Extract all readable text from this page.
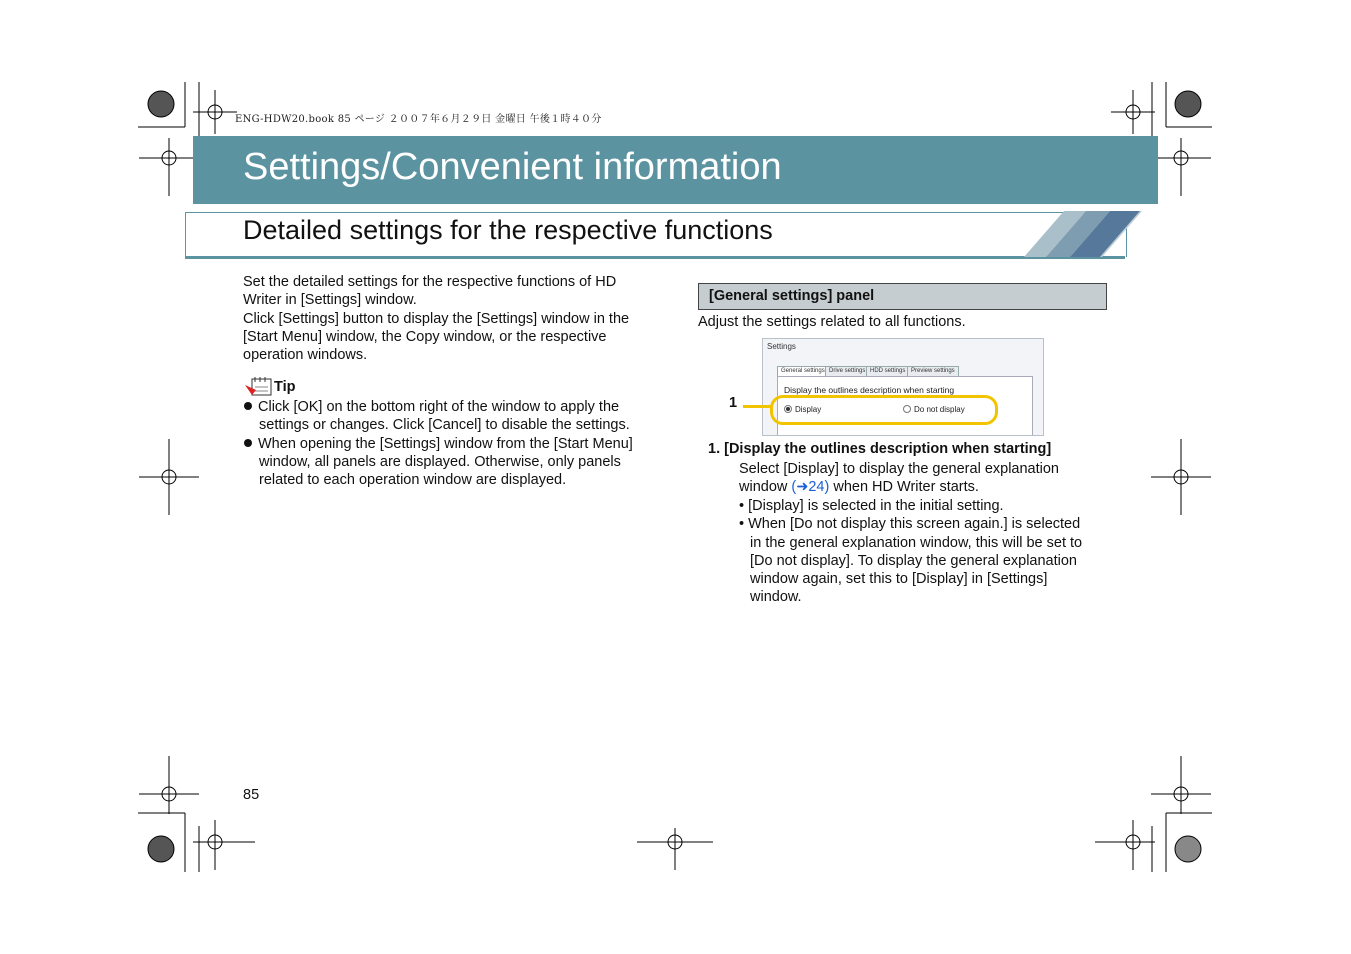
ENG-HDW20.book 85 ページ ２００７年６月２９日 金曜日 午後１時４０分
Settings/Convenient information
Detailed settings for the respective functions
Set the detailed settings for the respective functions of HD
Writer in [Settings] window.
Click [Settings] button to display the [Settings] window in the
[Start Menu] window, the Copy window, or the respective
operation windows.
Tip
Click [OK] on the bottom right of the window to apply the
settings or changes. Click [Cancel] to disable the settings.
When opening the [Settings] window from the [Start Menu]
window, all panels are displayed. Otherwise, only panels
related to each operation window are displayed.
[General settings] panel
Adjust the settings related to all functions.
Settings
General settings Drive settings HDD settings Preview settings
Display the outlines description when starting
Display	Do not display
1
1. [Display the outlines description when starting]
Select [Display] to display the general explanation
window (➜24) when HD Writer starts.
• [Display] is selected in the initial setting.
• When [Do not display this screen again.] is selected
in the general explanation window, this will be set to
[Do not display]. To display the general explanation
window again, set this to [Display] in [Settings]
window.
85
